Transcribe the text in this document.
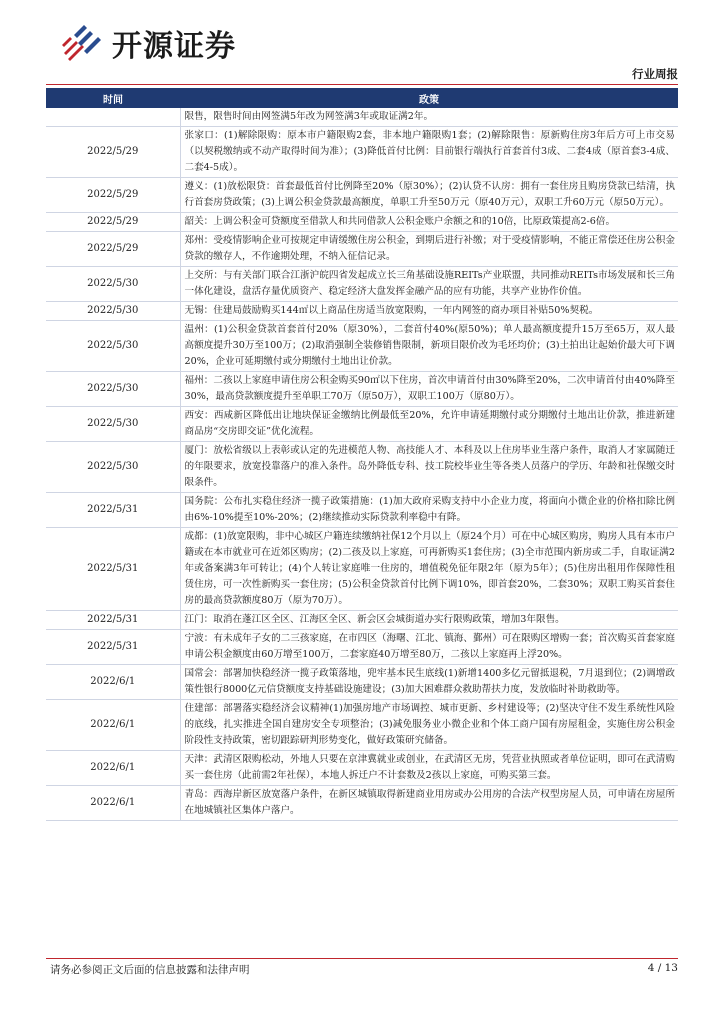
开源证券
行业周报
时间	政策
	限售，限售时间由网签满5年改为网签满3年或取证满2年。
2022/5/29	张家口：(1)解除限购：原本市户籍限购2套，非本地户籍限购1套；(2)解除限售：原新购住房3年后方可上市交易（以契税缴纳或不动产取得时间为准）；(3)降低首付比例：目前银行端执行首套首付3成、二套4成（原首套3-4成、二套4-5成）。
2022/5/29	遵义：(1)放松限贷：首套最低首付比例降至20%（原30%）；(2)认贷不认房：拥有一套住房且购房贷款已结清，执行首套房贷政策；(3)上调公积金贷款最高额度，单职工升至50万元（原40万元），双职工升60万元（原50万元）。
2022/5/29	韶关：上调公积金可贷额度至借款人和共同借款人公积金账户余额之和的10倍，比原政策提高2-6倍。
2022/5/29	郑州：受疫情影响企业可按规定申请缓缴住房公积金，到期后进行补缴；对于受疫情影响，不能正常偿还住房公积金贷款的缴存人，不作逾期处理，不纳入征信记录。
2022/5/30	上交所：与有关部门联合江浙沪皖四省发起成立长三角基础设施REITs产业联盟，共同推动REITs市场发展和长三角一体化建设，盘活存量优质资产、稳定经济大盘发挥金融产品的应有功能，共享产业协作价值。
2022/5/30	无锡：住建局鼓励购买144㎡以上商品住房适当放宽限购，一年内网签的商办项目补贴50%契税。
2022/5/30	温州：(1)公积金贷款首套首付20%（原30%），二套首付40%(原50%)；单人最高额度提升15万至65万，双人最高额度提升30万至100万；(2)取消强制全装修销售限制，新项目限价改为毛坯均价；(3)土拍出让起始价最大可下调20%，企业可延期缴付或分期缴付土地出让价款。
2022/5/30	福州：二孩以上家庭申请住房公积金购买90㎡以下住房，首次申请首付由30%降至20%，二次申请首付由40%降至30%，最高贷款额度提升至单职工70万（原50万），双职工100万（原80万）。
2022/5/30	西安：西咸新区降低出让地块保证金缴纳比例最低至20%，允许申请延期缴付或分期缴付土地出让价款，推进新建商品房“交房即交证”优化流程。
2022/5/30	厦门：放松省级以上表彰或认定的先进模范人物、高技能人才、本科及以上住房毕业生落户条件，取消人才家属随迁的年限要求，放宽投靠落户的准入条件。岛外降低专科、技工院校毕业生等各类人员落户的学历、年龄和社保缴交时限条件。
2022/5/31	国务院：公布扎实稳住经济一揽子政策措施：(1)加大政府采购支持中小企业力度，将面向小微企业的价格扣除比例由6%-10%提至10%-20%；(2)继续推动实际贷款利率稳中有降。
2022/5/31	成都：(1)放宽限购，非中心城区户籍连续缴纳社保12个月以上（原24个月）可在中心城区购房，购房人具有本市户籍或在本市就业可在近郊区购房；(2)二孩及以上家庭，可再新购买1套住房；(3)全市范围内新房或二手，自取证满2年或备案满3年可转让；(4)个人转让家庭唯一住房的，增值税免征年限2年（原为5年）；(5)住房出租用作保障性租赁住房，可一次性新购买一套住房；(5)公积金贷款首付比例下调10%，即首套20%，二套30%；双职工购买首套住房的最高贷款额度80万（原为70万）。
2022/5/31	江门：取消在蓬江区全区、江海区全区、新会区会城街道办实行限购政策，增加3年限售。
2022/5/31	宁波：有未成年子女的二三孩家庭，在市四区（海曙、江北、镇海、鄞州）可在限购区增购一套；首次购买首套家庭申请公积金额度由60万增至100万，二套家庭40万增至80万，二孩以上家庭再上浮20%。
2022/6/1	国常会：部署加快稳经济一揽子政策落地，兜牢基本民生底线(1)新增1400多亿元留抵退税，7月退到位；(2)调增政策性银行8000亿元信贷额度支持基础设施建设；(3)加大困难群众救助帮扶力度，发放临时补助救助等。
2022/6/1	住建部：部署落实稳经济会议精神(1)加强房地产市场调控、城市更新、乡村建设等；(2)坚决守住不发生系统性风险的底线，扎实推进全国自建房安全专项整治；(3)减免服务业小微企业和个体工商户国有房屋租金，实施住房公积金阶段性支持政策，密切跟踪研判形势变化，做好政策研究储备。
2022/6/1	天津：武清区限购松动，外地人只要在京津冀就业或创业，在武清区无房，凭营业执照或者单位证明，即可在武清购买一套住房（此前需2年社保），本地人拆迁户不计套数及2孩以上家庭，可购买第三套。
2022/6/1	青岛：西海岸新区放宽落户条件，在新区城镇取得新建商业用房或办公用房的合法产权型房屋人员，可申请在房屋所在地城镇社区集体户落户。
请务必参阅正文后面的信息披露和法律声明	4 / 13
